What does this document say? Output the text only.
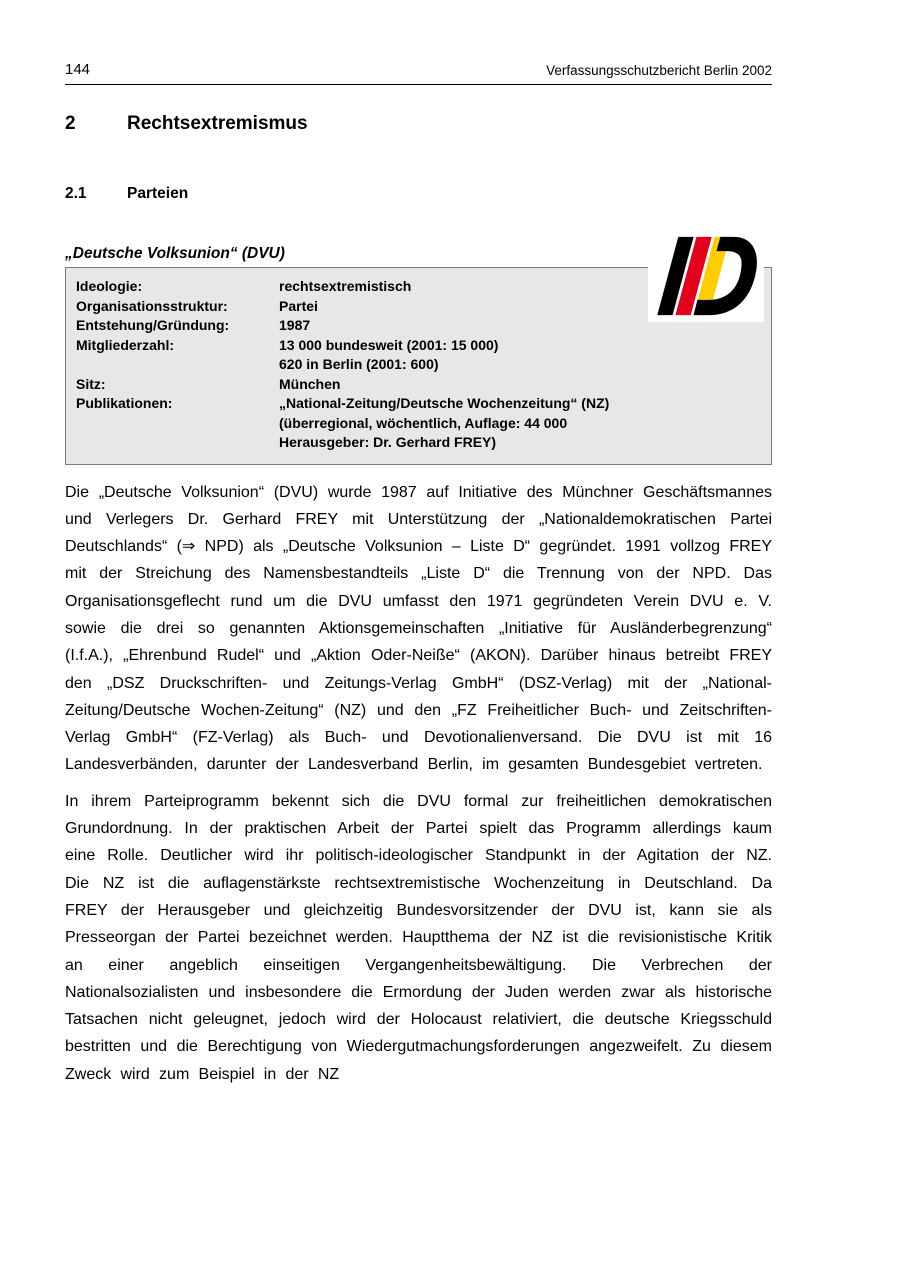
144	Verfassungsschutzbericht Berlin 2002
2	Rechtsextremismus
2.1	Parteien
„Deutsche Volksunion“ (DVU)
Ideologie:	rechtsextremistisch
Organisationsstruktur:	Partei
Entstehung/Gründung:	1987
Mitgliederzahl:	13 000 bundesweit (2001: 15 000)
620 in Berlin (2001: 600)
Sitz:	München
Publikationen:	„National-Zeitung/Deutsche Wochenzeitung“ (NZ)
(überregional, wöchentlich, Auflage: 44 000
Herausgeber: Dr. Gerhard FREY)

Die „Deutsche Volksunion“ (DVU) wurde 1987 auf Initiative des Münchner Geschäftsmannes und Verlegers Dr. Gerhard FREY mit Unterstützung der „Nationaldemokratischen Partei Deutschlands“ (⇒ NPD) als „Deutsche Volksunion – Liste D“ gegründet. 1991 vollzog FREY mit der Streichung des Namensbestandteils „Liste D“ die Trennung von der NPD. Das Organisationsgeflecht rund um die DVU umfasst den 1971 gegründeten Verein DVU e. V. sowie die drei so genannten Aktionsgemeinschaften „Initiative für Ausländerbegrenzung“ (I.f.A.), „Ehrenbund Rudel“ und „Aktion Oder-Neiße“ (AKON). Darüber hinaus betreibt FREY den „DSZ Druckschriften- und Zeitungs-Verlag GmbH“ (DSZ-Verlag) mit der „National-Zeitung/Deutsche Wochen-Zeitung“ (NZ) und den „FZ Freiheitlicher Buch- und Zeitschriften-Verlag GmbH“ (FZ-Verlag) als Buch- und Devotionalienversand. Die DVU ist mit 16 Landesverbänden, darunter der Landesverband Berlin, im gesamten Bundesgebiet vertreten.

In ihrem Parteiprogramm bekennt sich die DVU formal zur freiheitlichen demokratischen Grundordnung. In der praktischen Arbeit der Partei spielt das Programm allerdings kaum eine Rolle. Deutlicher wird ihr politisch-ideologischer Standpunkt in der Agitation der NZ. Die NZ ist die auflagenstärkste rechtsextremistische Wochenzeitung in Deutschland. Da FREY der Herausgeber und gleichzeitig Bundesvorsitzender der DVU ist, kann sie als Presseorgan der Partei bezeichnet werden. Hauptthema der NZ ist die revisionistische Kritik an einer angeblich einseitigen Vergangenheitsbewältigung. Die Verbrechen der Nationalsozialisten und insbesondere die Ermordung der Juden werden zwar als historische Tatsachen nicht geleugnet, jedoch wird der Holocaust relativiert, die deutsche Kriegsschuld bestritten und die Berechtigung von Wiedergutmachungsforderungen angezweifelt. Zu diesem Zweck wird zum Beispiel in der NZ
